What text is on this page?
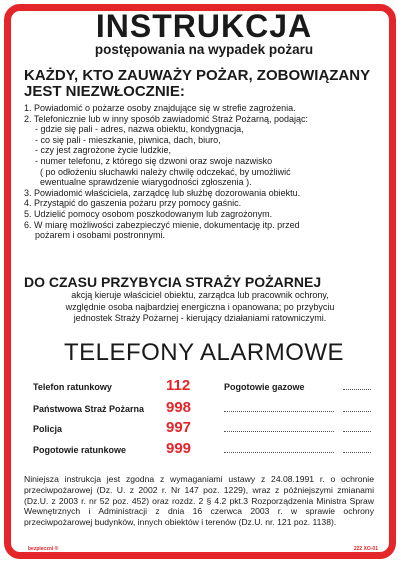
INSTRUKCJA
postępowania na wypadek pożaru
KAŻDY, KTO ZAUWAŻY POŻAR, ZOBOWIĄZANY
JEST NIEZWŁOCZNIE:
1. Powiadomić o pożarze osoby znajdujące się w strefie zagrożenia.
2. Telefonicznie lub w inny sposób zawiadomić Straż Pożarną, podając:
- gdzie się pali - adres, nazwa obiektu, kondygnacja,
- co się pali - mieszkanie, piwnica, dach, biuro,
- czy jest zagrożone życie ludzkie,
- numer telefonu, z którego się dzwoni oraz swoje nazwisko
( po odłożeniu słuchawki należy chwilę odczekać, by umożliwić
ewentualne sprawdzenie wiarygodności zgłoszenia ).
3. Powiadomić właściciela, zarządcę lub służbę dozorowania obiektu.
4. Przystąpić do gaszenia pożaru przy pomocy gaśnic.
5. Udzielić pomocy osobom poszkodowanym lub zagrożonym.
6. W miarę możliwości zabezpieczyć mienie, dokumentację itp. przed
pożarem i osobami postronnymi.
DO CZASU PRZYBYCIA STRAŻY POŻARNEJ
akcją kieruje właściciel obiektu, zarządca lub pracownik ochrony,
względnie osoba najbardziej energiczna i opanowana; po przybyciu
jednostek Straży Pożarnej - kierujący działaniami ratowniczymi.
TELEFONY ALARMOWE
Telefon ratunkowy	112	Pogotowie gazowe
Państwowa Straż Pożarna 998
Policja	997
Pogotowie ratunkowe	999
Niniejsza instrukcja jest zgodna z wymaganiami ustawy z 24.08.1991 r. o ochronie przeciwpożarowej (Dz. U. z 2002 r. Nr 147 poz. 1229), wraz z późniejszymi zmianami (Dz.U. z 2003 r. nr 52 poz. 452) oraz rozdz. 2 § 4.2 pkt.3 Rozporządzenia Ministra Spraw Wewnętrznych i Administracji z dnia 16 czerwca 2003 r. w sprawie ochrony przeciwpożarowej budynków, innych obiektów i terenów (Dz.U. nr. 121 poz. 1138).
bezpieczni ®	222 XO-01
